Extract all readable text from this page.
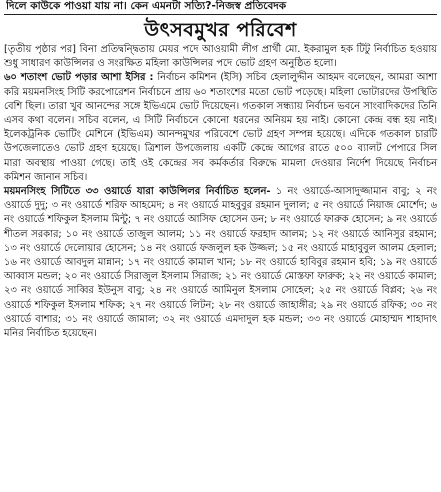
দিলে কাউকে পাওয়া যায় না। কেন এমনটা সত্যি?-নিজস্ব প্রতিবেদক
উৎসবমুখর পরিবেশ

[তৃতীয় পৃষ্ঠার পর] বিনা প্রতিদ্বন্দ্বিতায় মেয়র পদে আওয়ামী লীগ প্রার্থী মো. ইকরামুল হক টিটু নির্বাচিত হওয়ায় শুধু সাধারণ কাউন্সিলর ও সংরক্ষিত মহিলা কাউন্সিলর পদে ভোট গ্রহণ অনুষ্ঠিত হলো।

৬০ শতাংশ ভোট পড়ার আশা ইসির : নির্বাচন কমিশন (ইসি) সচিব হেলালুদ্দীন আহমদ বলেছেন, আমরা আশা করি ময়মনসিংহ সিটি করপোরেশন নির্বাচনে প্রায় ৬০ শতাংশের মতো ভোট পড়েছে। মহিলা ভোটারদের উপস্থিতি বেশি ছিল। তারা খুব আনন্দের সঙ্গে ইভিএমে ভোট দিয়েছেন। গতকাল সন্ধ্যায় নির্বাচন ভবনে সাংবাদিকদের তিনি এসব কথা বলেন। সচিব বলেন, এ সিটি নির্বাচনে কোনো ধরনের অনিয়ম হয় নাই। কোনো কেন্দ্র বন্ধ হয় নাই। ইলেকট্রনিক ভোটিং মেশিনে (ইভিএম) আনন্দমুখর পরিবেশে ভোট গ্রহণ সম্পন্ন হয়েছে। এদিকে গতকাল চারটি উপজেলাতেও ভোট গ্রহণ হয়েছে। ত্রিশাল উপজেলায় একটি কেন্দ্রে আগের রাতে ৫০০ ব্যালট পেপারে সিল মারা অবস্থায় পাওয়া গেছে। তাই ওই কেন্দ্রের সব কর্মকর্তার বিরুদ্ধে মামলা দেওয়ার নির্দেশ দিয়েছে নির্বাচন কমিশন জানান সচিব।

ময়মনসিংহ সিটিতে ৩৩ ওয়ার্ডে যারা কাউন্সিলর নির্বাচিত হলেন- ১ নং ওয়ার্ডে-আসাদুজ্জামান বাবু; ২ নং ওয়ার্ডে দুদু; ৩ নং ওয়ার্ডে শরিফ আহমেদ; ৪ নং ওয়ার্ডে মাহবুবুর রহমান দুলাল; ৫ নং ওয়ার্ডে নিয়াজ মোর্শেদ; ৬ নং ওয়ার্ডে শফিকুল ইসলাম মিন্টু; ৭ নং ওয়ার্ডে আসিফ হোসেন ডন; ৮ নং ওয়ার্ডে ফারুক হোসেন; ৯ নং ওয়ার্ডে শীতল সরকার; ১০ নং ওয়ার্ডে তাজুল আলম; ১১ নং ওয়ার্ডে ফরহাদ আলম; ১২ নং ওয়ার্ডে আনিসুর রহমান; ১৩ নং ওয়ার্ডে দেলোয়ার হোসেন; ১৪ নং ওয়ার্ডে ফজলুল হক উজ্জল; ১৫ নং ওয়ার্ডে মাহাবুবুল আলম হেলাল; ১৬ নং ওয়ার্ডে আবদুল মান্নান; ১৭ নং ওয়ার্ডে কামাল খান; ১৮ নং ওয়ার্ডে হাবিবুর রহমান হবি; ১৯ নং ওয়ার্ডে আব্বাস মন্ডল; ২০ নং ওয়ার্ডে সিরাজুল ইসলাম সিরাজ; ২১ নং ওয়ার্ডে মোস্তফা ফারুক; ২২ নং ওয়ার্ডে কামাল; ২৩ নং ওয়ার্ডে সাব্বির ইউনুস বাবু; ২৪ নং ওয়ার্ডে আমিনুল ইসলাম সোহেল; ২৫ নং ওয়ার্ডে বিপ্লব; ২৬ নং ওয়ার্ডে শফিকুল ইসলাম শফিক; ২৭ নং ওয়ার্ডে লিটন; ২৮ নং ওয়ার্ডে জাহাঙ্গীর; ২৯ নং ওয়ার্ডে রফিক; ৩০ নং ওয়ার্ডে বাশার; ৩১ নং ওয়ার্ডে জামাল; ৩২ নং ওয়ার্ডে এমদাদুল হক মন্ডল; ৩৩ নং ওয়ার্ডে মোহাম্মদ শাহাদাৎ মনির নির্বাচিত হয়েছেন।
